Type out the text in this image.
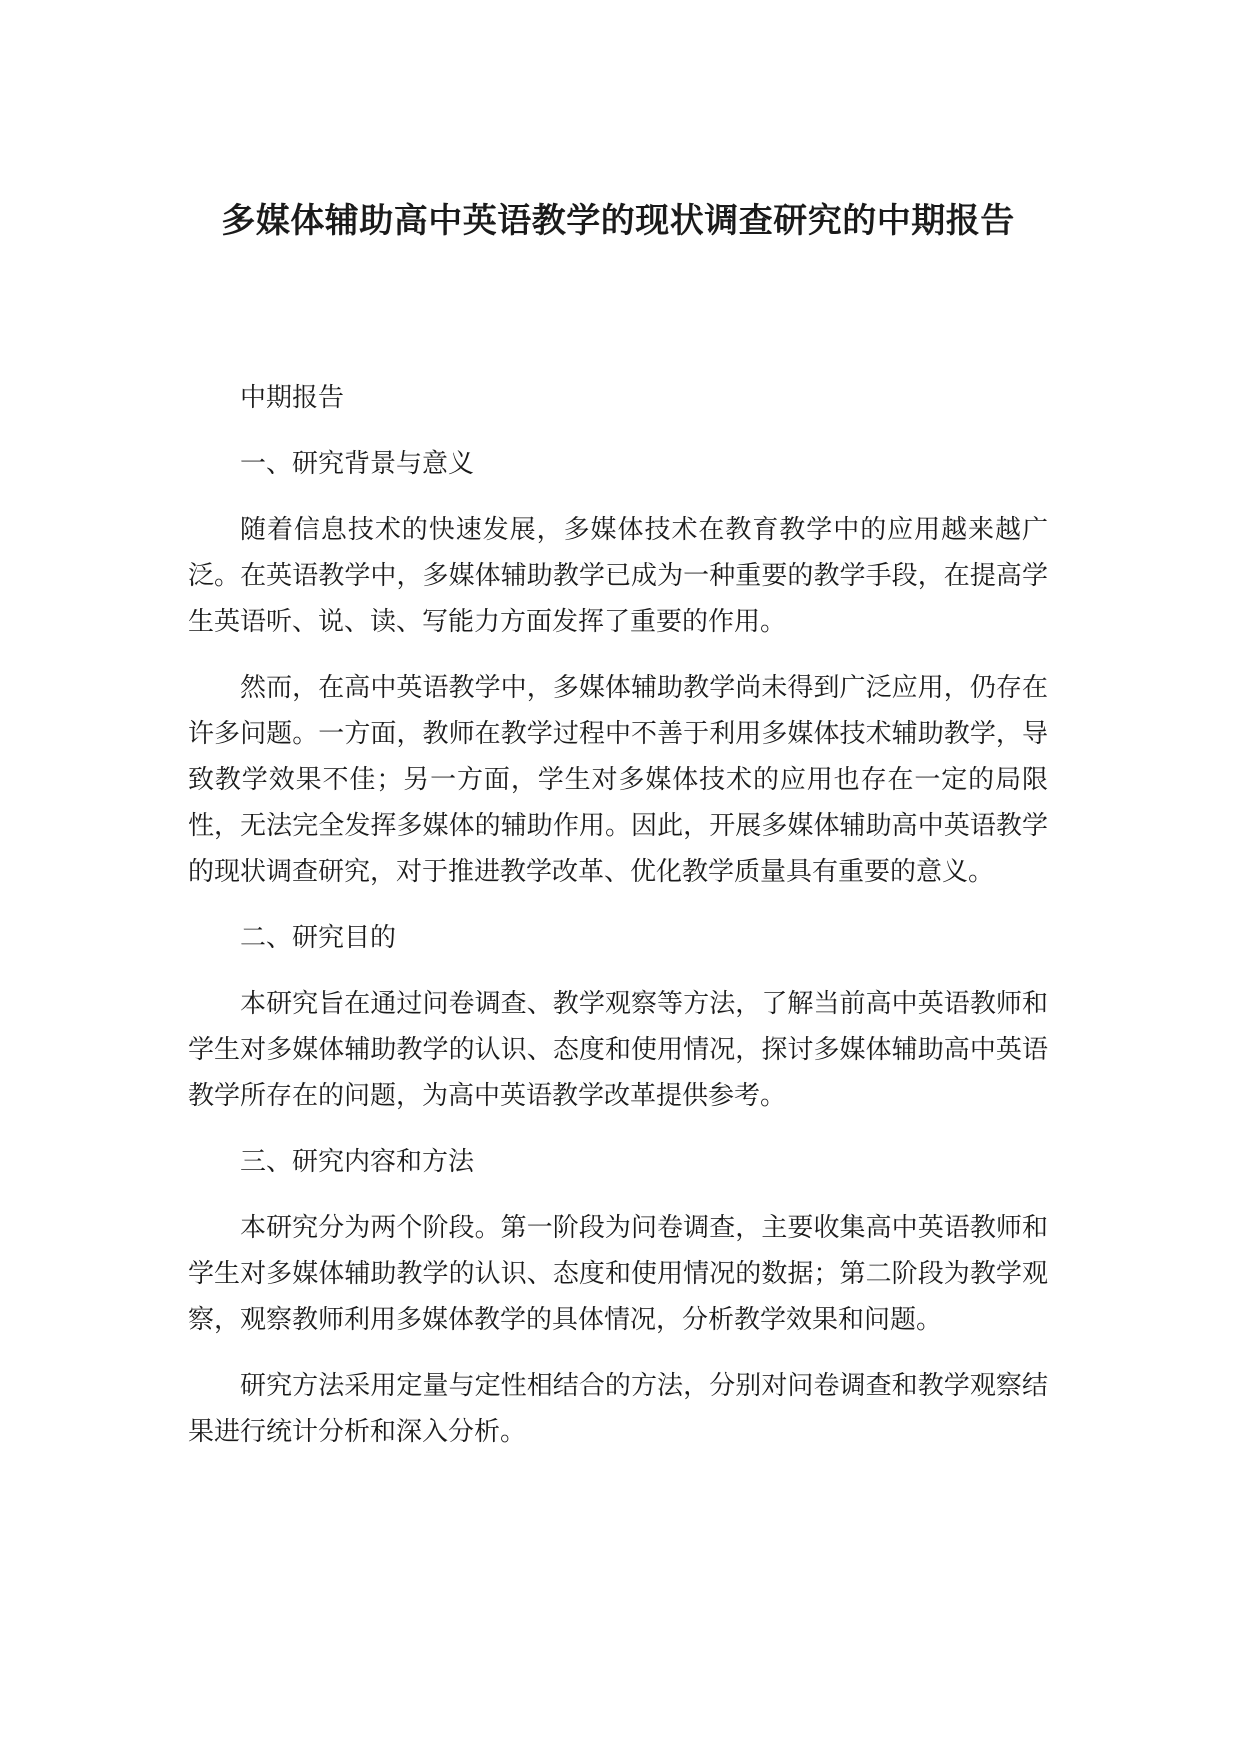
多媒体辅助高中英语教学的现状调查研究的中期报告

中期报告

一、研究背景与意义

随着信息技术的快速发展，多媒体技术在教育教学中的应用越来越广泛。在英语教学中，多媒体辅助教学已成为一种重要的教学手段，在提高学生英语听、说、读、写能力方面发挥了重要的作用。

然而，在高中英语教学中，多媒体辅助教学尚未得到广泛应用，仍存在许多问题。一方面，教师在教学过程中不善于利用多媒体技术辅助教学，导致教学效果不佳；另一方面，学生对多媒体技术的应用也存在一定的局限性，无法完全发挥多媒体的辅助作用。因此，开展多媒体辅助高中英语教学的现状调查研究，对于推进教学改革、优化教学质量具有重要的意义。

二、研究目的

本研究旨在通过问卷调查、教学观察等方法，了解当前高中英语教师和学生对多媒体辅助教学的认识、态度和使用情况，探讨多媒体辅助高中英语教学所存在的问题，为高中英语教学改革提供参考。

三、研究内容和方法

本研究分为两个阶段。第一阶段为问卷调查，主要收集高中英语教师和学生对多媒体辅助教学的认识、态度和使用情况的数据；第二阶段为教学观察，观察教师利用多媒体教学的具体情况，分析教学效果和问题。

研究方法采用定量与定性相结合的方法，分别对问卷调查和教学观察结果进行统计分析和深入分析。
